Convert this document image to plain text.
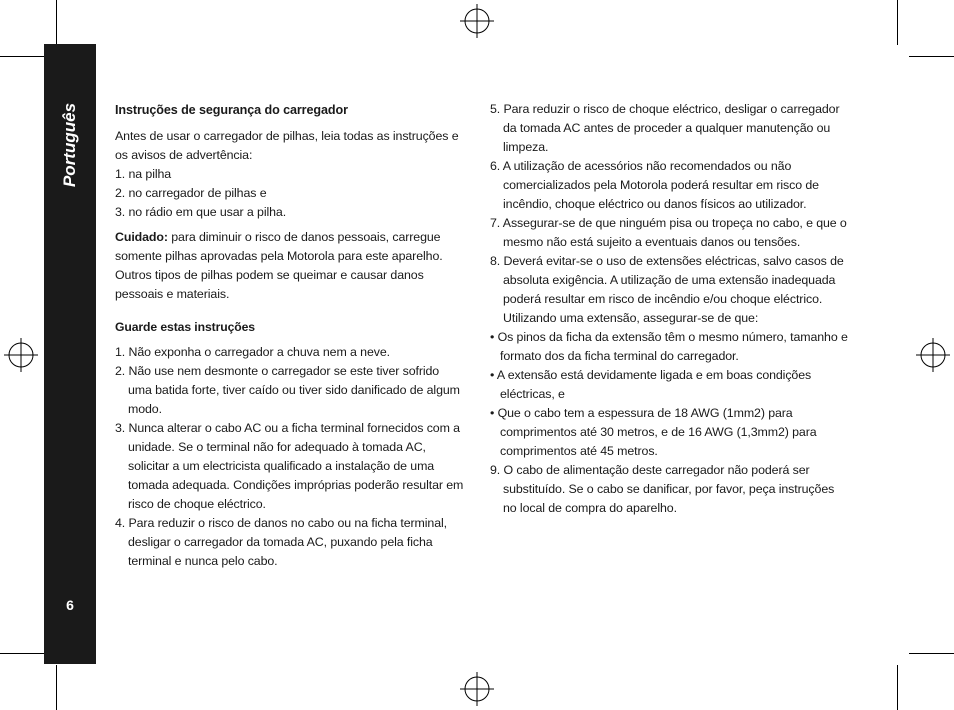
Português
6

Instruções de segurança do carregador

Antes de usar o carregador de pilhas, leia todas as instruções e os avisos de advertência:

1. na pilha

2. no carregador de pilhas e

3. no rádio em que usar a pilha.

Cuidado: para diminuir o risco de danos pessoais, carregue somente pilhas aprovadas pela Motorola para este aparelho. Outros tipos de pilhas podem se queimar e causar danos pessoais e materiais.

Guarde estas instruções

1. Não exponha o carregador a chuva nem a neve.

2. Não use nem desmonte o carregador se este tiver sofrido uma batida forte, tiver caído ou tiver sido danificado de algum modo.

3. Nunca alterar o cabo AC ou a ficha terminal fornecidos com a unidade. Se o terminal não for adequado à tomada AC, solicitar a um electricista qualificado a instalação de uma tomada adequada. Condições impróprias poderão resultar em risco de choque eléctrico.

4. Para reduzir o risco de danos no cabo ou na ficha terminal, desligar o carregador da tomada AC, puxando pela ficha terminal e nunca pelo cabo.

5. Para reduzir o risco de choque eléctrico, desligar o carregador da tomada AC antes de proceder a qualquer manutenção ou limpeza.

6. A utilização de acessórios não recomendados ou não comercializados pela Motorola poderá resultar em risco de incêndio, choque eléctrico ou danos físicos ao utilizador.

7. Assegurar-se de que ninguém pisa ou tropeça no cabo, e que o mesmo não está sujeito a eventuais danos ou tensões.

8. Deverá evitar-se o uso de extensões eléctricas, salvo casos de absoluta exigência. A utilização de uma extensão inadequada poderá resultar em risco de incêndio e/ou choque eléctrico. Utilizando uma extensão, assegurar-se de que:

• Os pinos da ficha da extensão têm o mesmo número, tamanho e formato dos da ficha terminal do carregador.

• A extensão está devidamente ligada e em boas condições eléctricas, e

• Que o cabo tem a espessura de 18 AWG (1mm2) para comprimentos até 30 metros, e de 16 AWG (1,3mm2) para comprimentos até 45 metros.

9. O cabo de alimentação deste carregador não poderá ser substituído. Se o cabo se danificar, por favor, peça instruções no local de compra do aparelho.
